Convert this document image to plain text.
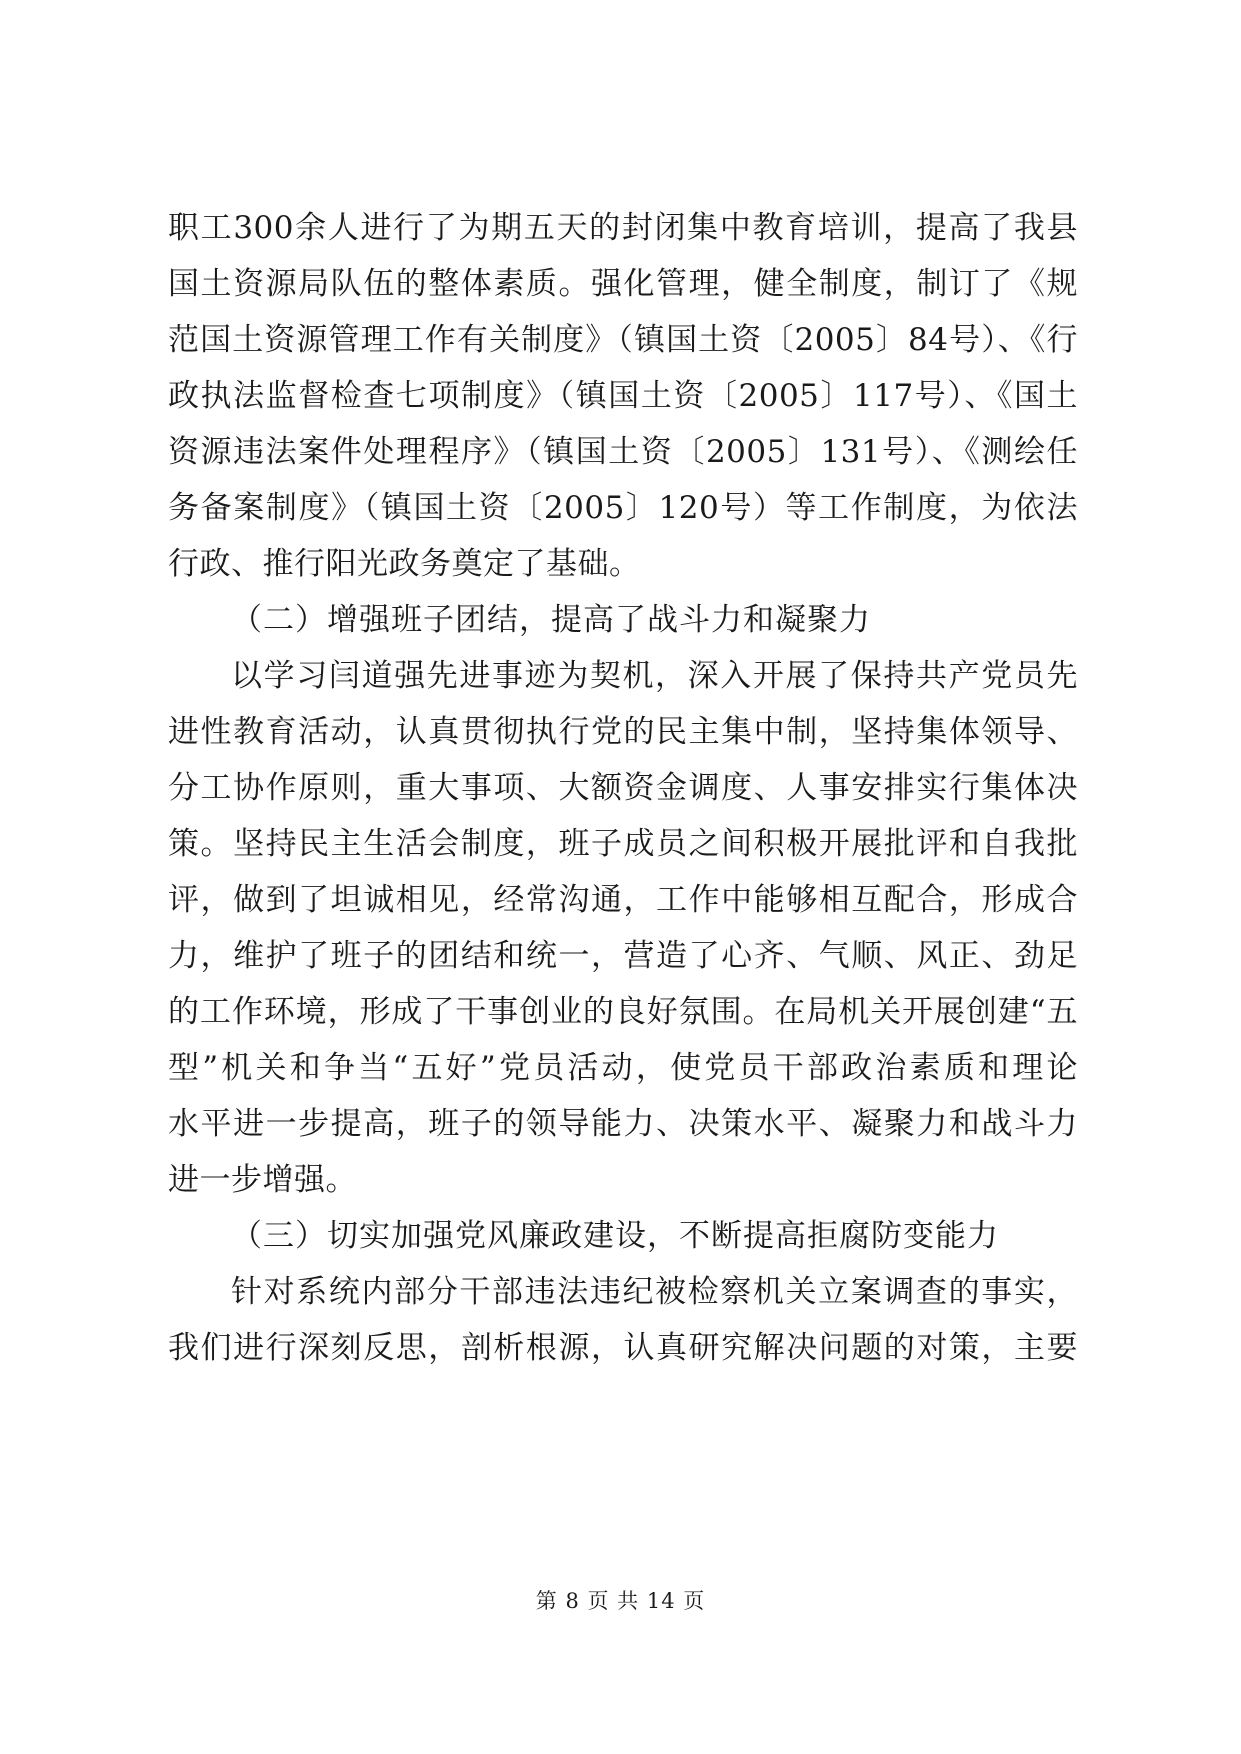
职工300余人进行了为期五天的封闭集中教育培训，提高了我县
国土资源局队伍的整体素质。强化管理，健全制度，制订了《规
范国土资源管理工作有关制度》（镇国土资〔2005〕84号）、《行
政执法监督检查七项制度》（镇国土资〔2005〕117号）、《国土
资源违法案件处理程序》（镇国土资〔2005〕131号）、《测绘任
务备案制度》（镇国土资〔2005〕120号）等工作制度，为依法
行政、推行阳光政务奠定了基础。
（二）增强班子团结，提高了战斗力和凝聚力
以学习闫道强先进事迹为契机，深入开展了保持共产党员先
进性教育活动，认真贯彻执行党的民主集中制，坚持集体领导、
分工协作原则，重大事项、大额资金调度、人事安排实行集体决
策。坚持民主生活会制度，班子成员之间积极开展批评和自我批
评，做到了坦诚相见，经常沟通，工作中能够相互配合，形成合
力，维护了班子的团结和统一，营造了心齐、气顺、风正、劲足
的工作环境，形成了干事创业的良好氛围。在局机关开展创建“五
型”机关和争当“五好”党员活动，使党员干部政治素质和理论
水平进一步提高，班子的领导能力、决策水平、凝聚力和战斗力
进一步增强。
（三）切实加强党风廉政建设，不断提高拒腐防变能力
针对系统内部分干部违法违纪被检察机关立案调查的事实，
我们进行深刻反思，剖析根源，认真研究解决问题的对策，主要
第 8 页 共 14 页
